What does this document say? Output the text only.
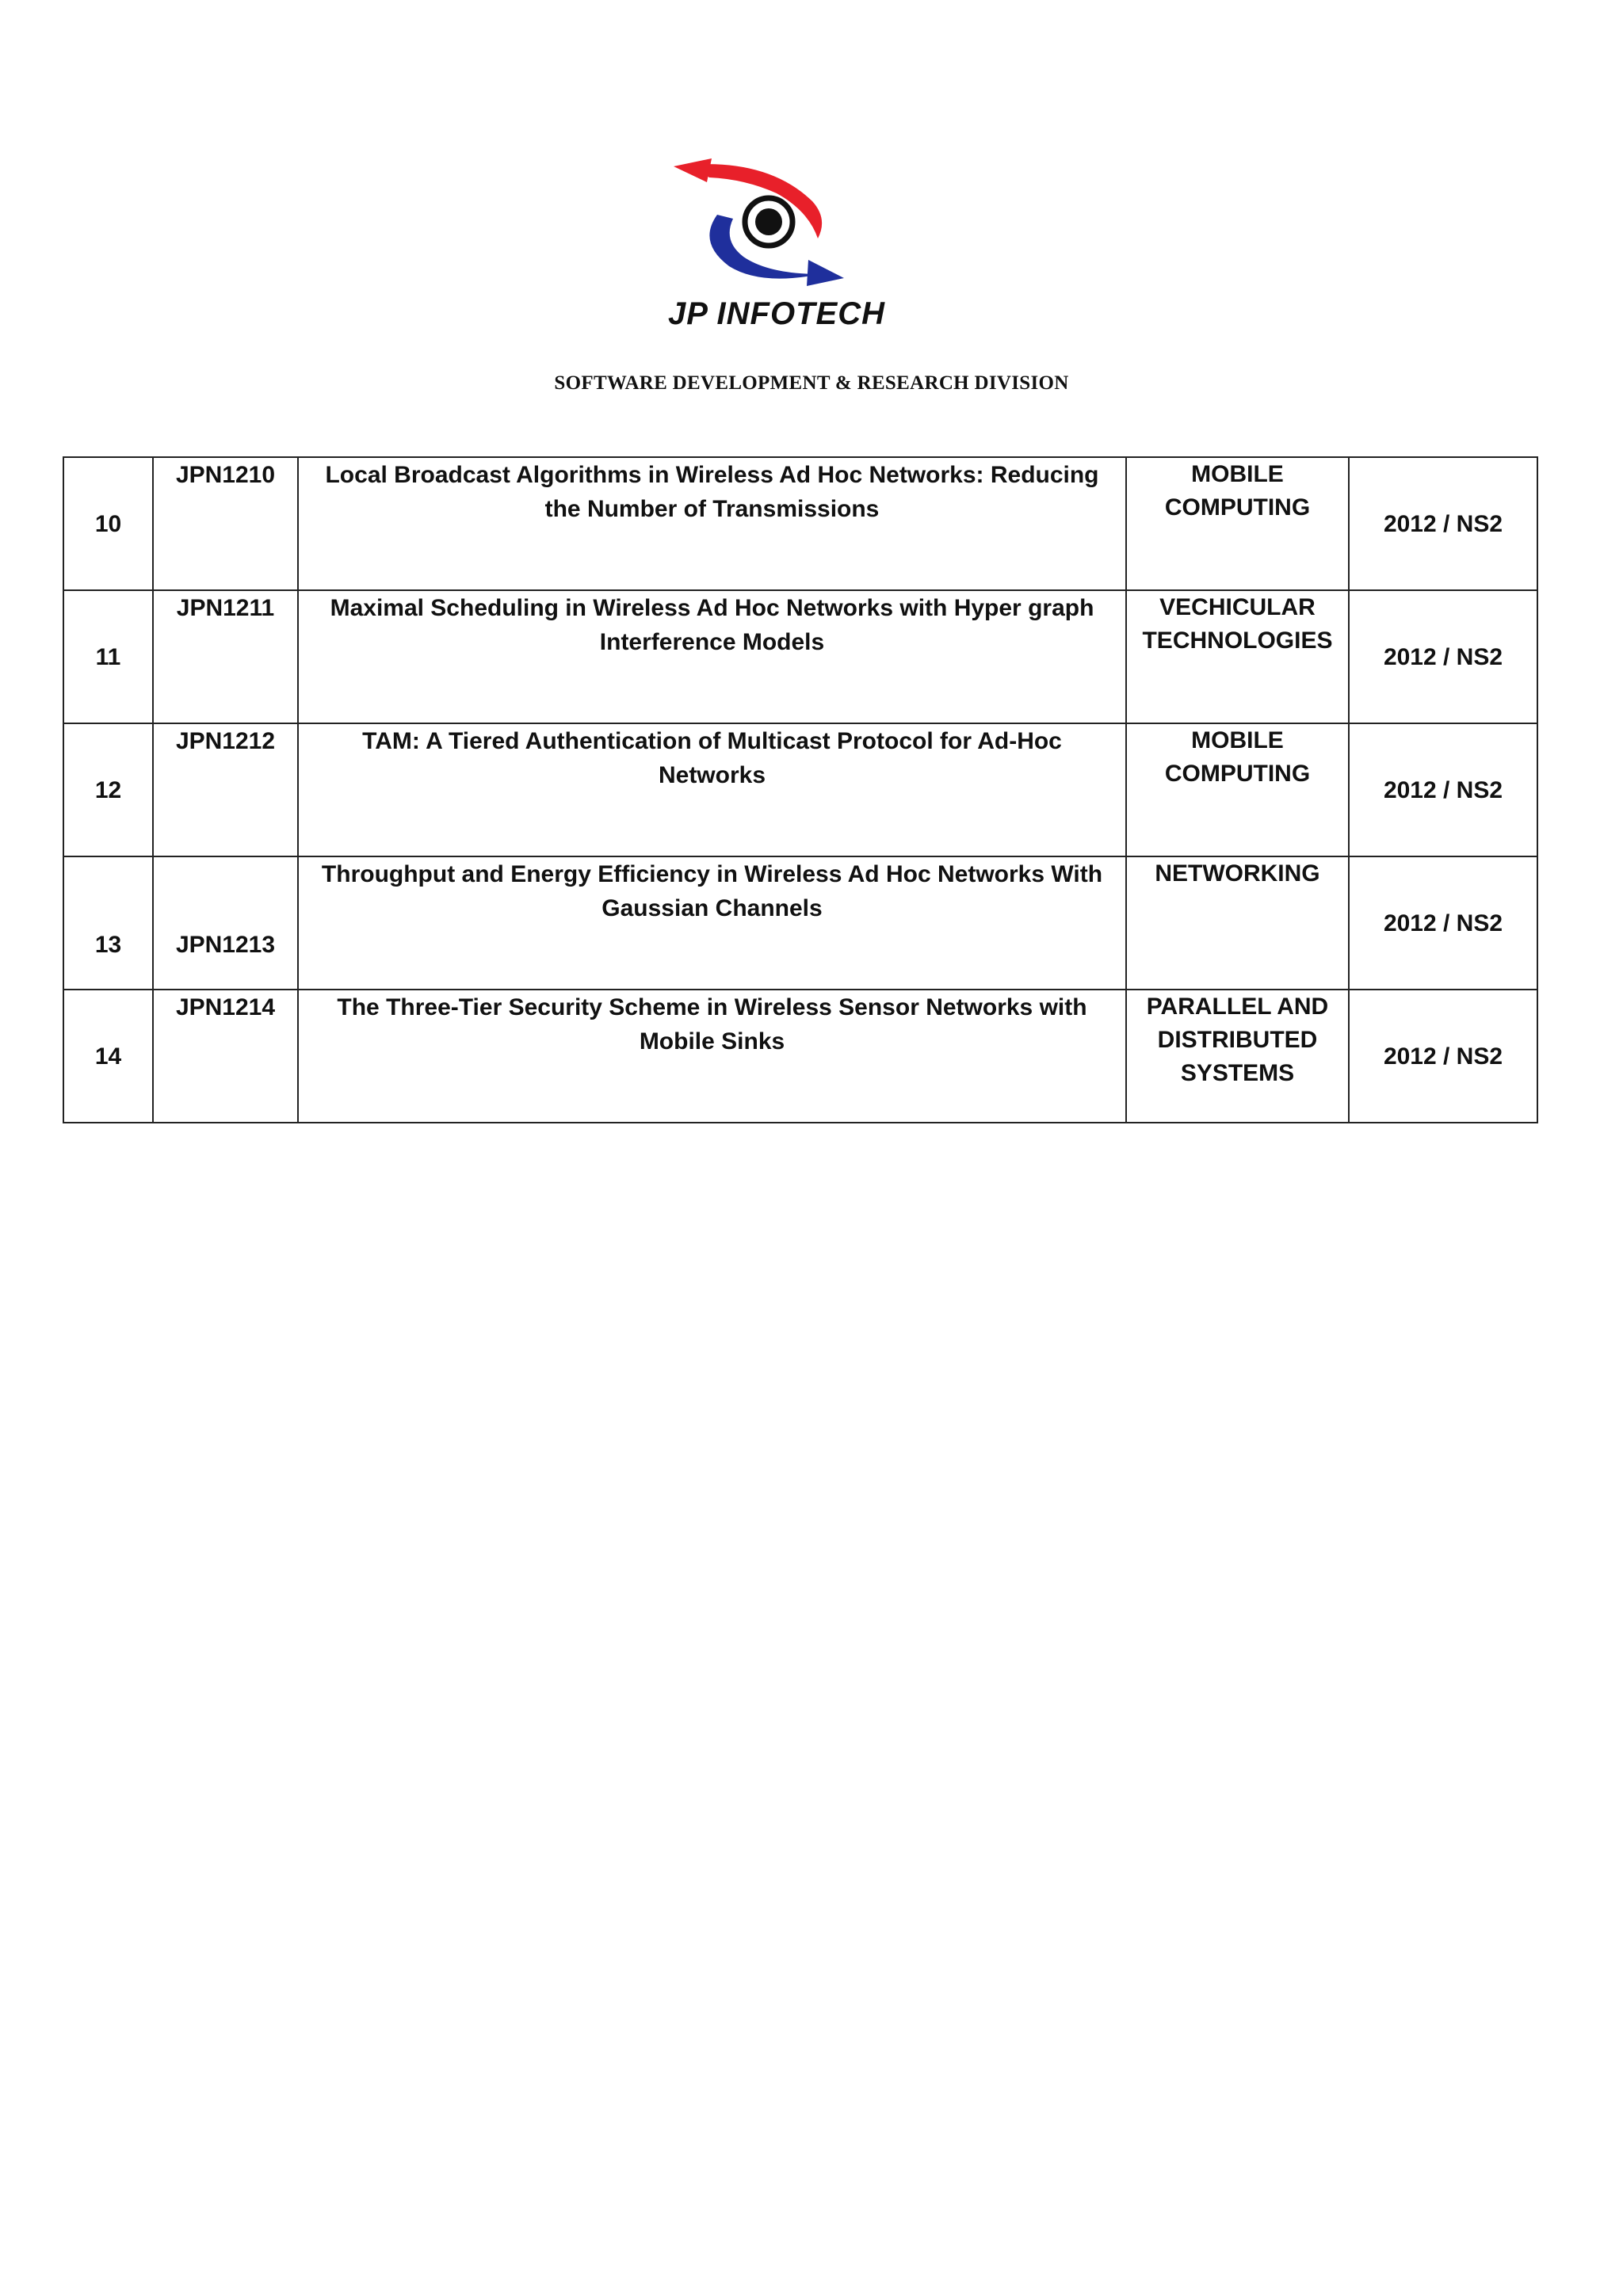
JP INFOTECH
SOFTWARE DEVELOPMENT & RESEARCH DIVISION
10	JPN1210	Local Broadcast Algorithms in Wireless Ad Hoc Networks: Reducing the Number of Transmissions	MOBILE COMPUTING	2012 / NS2
11	JPN1211	Maximal Scheduling in Wireless Ad Hoc Networks with Hyper graph Interference Models	VECHICULAR TECHNOLOGIES	2012 / NS2
12	JPN1212	TAM: A Tiered Authentication of Multicast Protocol for Ad-Hoc Networks	MOBILE COMPUTING	2012 / NS2
13	JPN1213	Throughput and Energy Efficiency in Wireless Ad Hoc Networks With Gaussian Channels	NETWORKING	2012 / NS2
14	JPN1214	The Three-Tier Security Scheme in Wireless Sensor Networks with Mobile Sinks	PARALLEL AND DISTRIBUTED SYSTEMS	2012 / NS2
